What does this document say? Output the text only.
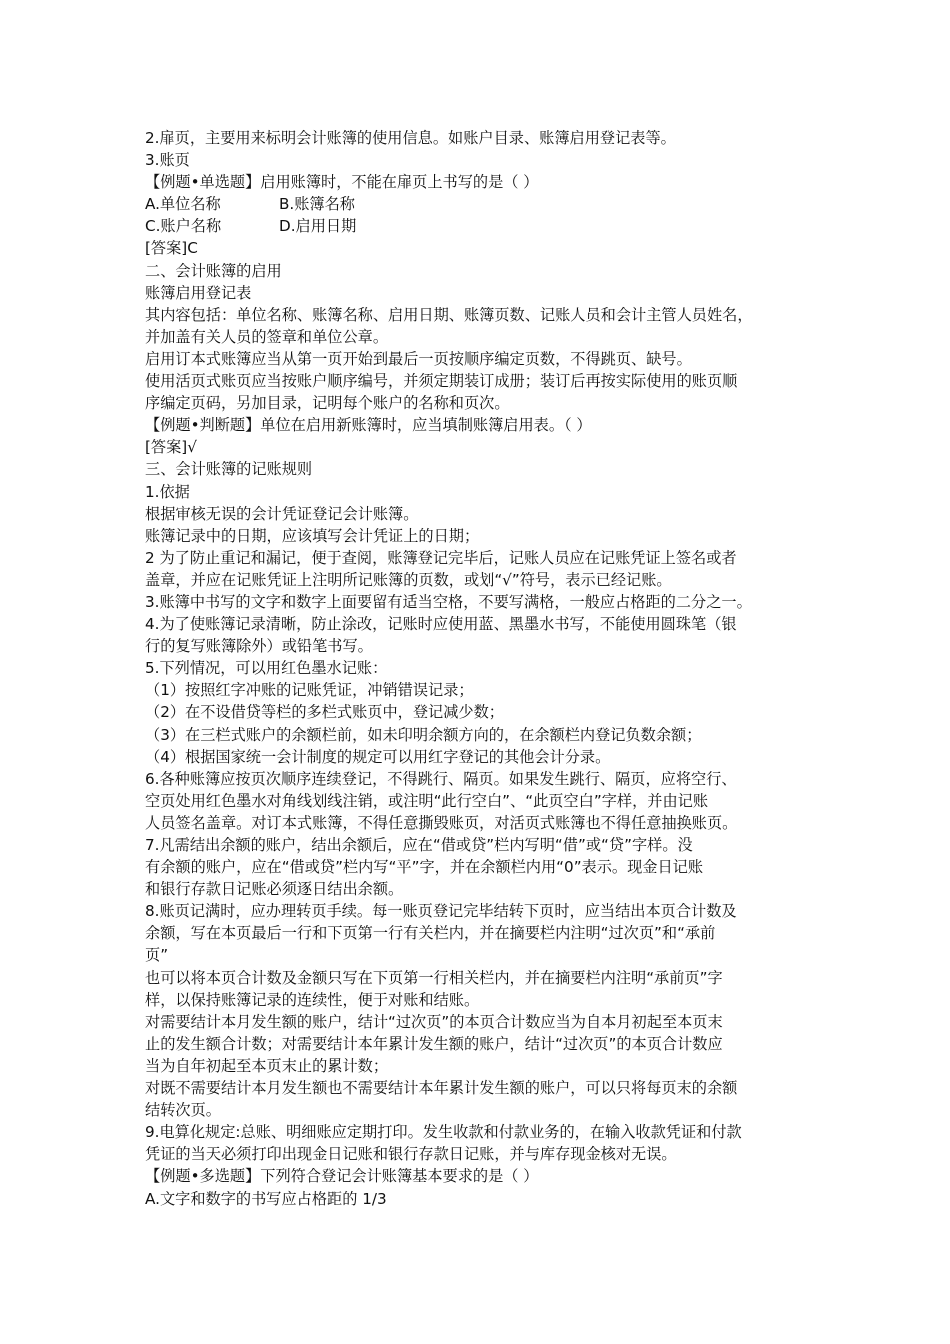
2.扉页，主要用来标明会计账簿的使用信息。如账户目录、账簿启用登记表等。
3.账页
【例题•单选题】启用账簿时，不能在扉页上书写的是（ ）
A.单位名称	B.账簿名称
C.账户名称	D.启用日期
[答案]C
二、会计账簿的启用
账簿启用登记表
其内容包括：单位名称、账簿名称、启用日期、账簿页数、记账人员和会计主管人员姓名，
并加盖有关人员的签章和单位公章。
启用订本式账簿应当从第一页开始到最后一页按顺序编定页数，不得跳页、缺号。
使用活页式账页应当按账户顺序编号，并须定期装订成册；装订后再按实际使用的账页顺
序编定页码，另加目录，记明每个账户的名称和页次。
【例题•判断题】单位在启用新账簿时，应当填制账簿启用表。（ ）
[答案]√
三、会计账簿的记账规则
1.依据
根据审核无误的会计凭证登记会计账簿。
账簿记录中的日期，应该填写会计凭证上的日期；
2 为了防止重记和漏记，便于查阅，账簿登记完毕后，记账人员应在记账凭证上签名或者
盖章，并应在记账凭证上注明所记账簿的页数，或划“√”符号，表示已经记账。
3.账簿中书写的文字和数字上面要留有适当空格，不要写满格，一般应占格距的二分之一。
4.为了使账簿记录清晰，防止涂改，记账时应使用蓝、黑墨水书写，不能使用圆珠笔（银
行的复写账簿除外）或铅笔书写。
5.下列情况，可以用红色墨水记账：
（1）按照红字冲账的记账凭证，冲销错误记录；
（2）在不设借贷等栏的多栏式账页中，登记减少数；
（3）在三栏式账户的余额栏前，如未印明余额方向的，在余额栏内登记负数余额；
（4）根据国家统一会计制度的规定可以用红字登记的其他会计分录。
6.各种账簿应按页次顺序连续登记，不得跳行、隔页。如果发生跳行、隔页，应将空行、
空页处用红色墨水对角线划线注销，或注明“此行空白”、“此页空白”字样，并由记账
人员签名盖章。对订本式账簿，不得任意撕毁账页，对活页式账簿也不得任意抽换账页。
7.凡需结出余额的账户，结出余额后，应在“借或贷”栏内写明“借”或“贷”字样。没
有余额的账户，应在“借或贷”栏内写“平”字，并在余额栏内用“0”表示。现金日记账
和银行存款日记账必须逐日结出余额。
8.账页记满时，应办理转页手续。每一账页登记完毕结转下页时，应当结出本页合计数及
余额，写在本页最后一行和下页第一行有关栏内，并在摘要栏内注明“过次页”和“承前
页”
也可以将本页合计数及金额只写在下页第一行相关栏内，并在摘要栏内注明“承前页”字
样，以保持账簿记录的连续性，便于对账和结账。
对需要结计本月发生额的账户，结计“过次页”的本页合计数应当为自本月初起至本页末
止的发生额合计数；对需要结计本年累计发生额的账户，结计“过次页”的本页合计数应
当为自年初起至本页末止的累计数；
对既不需要结计本月发生额也不需要结计本年累计发生额的账户，可以只将每页末的余额
结转次页。
9.电算化规定:总账、明细账应定期打印。发生收款和付款业务的，在输入收款凭证和付款
凭证的当天必须打印出现金日记账和银行存款日记账，并与库存现金核对无误。
【例题•多选题】下列符合登记会计账簿基本要求的是（ ）
A.文字和数字的书写应占格距的 1/3
